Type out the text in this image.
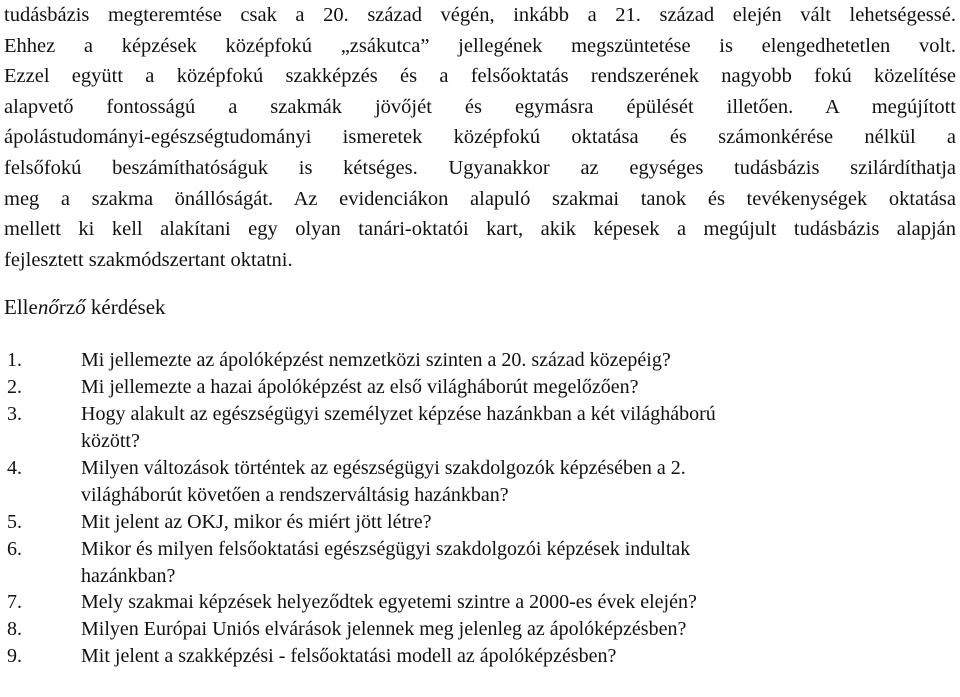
tudásbázis megteremtése csak a 20. század végén, inkább a 21. század elején vált lehetségessé.
Ehhez a képzések középfokú „zsákutca” jellegének megszüntetése is elengedhetetlen volt.
Ezzel együtt a középfokú szakképzés és a felsőoktatás rendszerének nagyobb fokú közelítése
alapvető fontosságú a szakmák jövőjét és egymásra épülését illetően. A megújított
ápolástudományi-egészségtudományi ismeretek középfokú oktatása és számonkérése nélkül a
felsőfokú beszámíthatóságuk is kétséges. Ugyanakkor az egységes tudásbázis szilárdíthatja
meg a szakma önállóságát. Az evidenciákon alapuló szakmai tanok és tevékenységek oktatása
mellett ki kell alakítani egy olyan tanári-oktatói kart, akik képesek a megújult tudásbázis alapján
fejlesztett szakmódszertant oktatni.
Ellenőrző kérdések
1.	Mi jellemezte az ápolóképzést nemzetközi szinten a 20. század közepéig?
2.	Mi jellemezte a hazai ápolóképzést az első világháborút megelőzően?
3.	Hogy alakult az egészségügyi személyzet képzése hazánkban a két világháború
között?
4.	Milyen változások történtek az egészségügyi szakdolgozók képzésében a 2.
világháborút követően a rendszerváltásig hazánkban?
5.	Mit jelent az OKJ, mikor és miért jött létre?
6.	Mikor és milyen felsőoktatási egészségügyi szakdolgozói képzések indultak
hazánkban?
7.	Mely szakmai képzések helyeződtek egyetemi szintre a 2000-es évek elején?
8.	Milyen Európai Uniós elvárások jelennek meg jelenleg az ápolóképzésben?
9.	Mit jelent a szakképzési - felsőoktatási modell az ápolóképzésben?
